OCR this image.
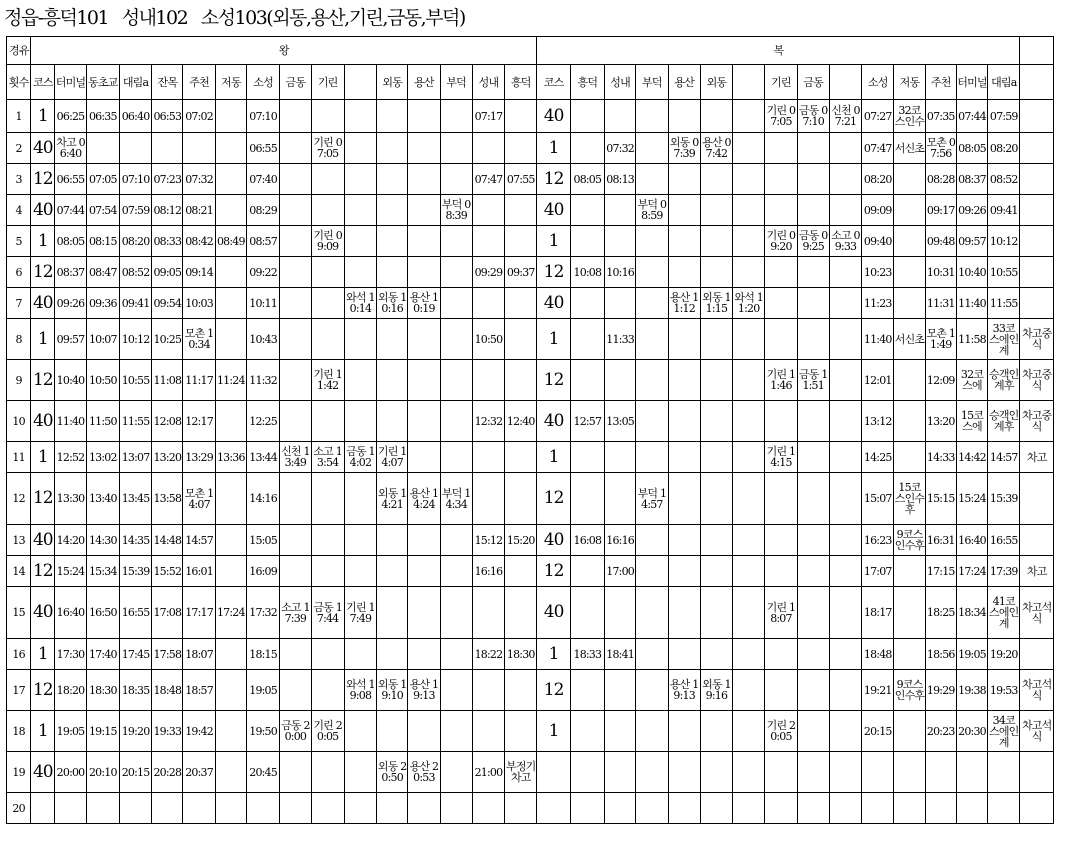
정읍-흥덕101   성내102   소성103(외동,용산,기린,금동,부덕)
경유	왕																복															
횟수	코스	터미널	동초교	대림a	잔목	주천	저동	소성	금동	기린		외동	용산	부덕	성내	흥덕	코스	흥덕	성내	부덕	용산	외동		기린	금동		소성	저동	주천	터미널	대림a	
1	1	06:25	06:35	06:40	06:53	07:02		07:10							07:17		40							기린 07:05	금동 07:10	신천 07:21	07:27	32코스인수	07:35	07:44	07:59	
2	40	차고 06:40						06:55		기린 07:05							1		07:32		외동 07:39	용산 07:42					07:47	서신초	모촌 07:56	08:05	08:20	
3	12	06:55	07:05	07:10	07:23	07:32		07:40							07:47	07:55	12	08:05	08:13								08:20		08:28	08:37	08:52	
4	40	07:44	07:54	07:59	08:12	08:21		08:29						부덕 08:39			40			부덕 08:59							09:09		09:17	09:26	09:41	
5	1	08:05	08:15	08:20	08:33	08:42	08:49	08:57		기린 09:09							1							기린 09:20	금동 09:25	소고 09:33	09:40		09:48	09:57	10:12	
6	12	08:37	08:47	08:52	09:05	09:14		09:22							09:29	09:37	12	10:08	10:16								10:23		10:31	10:40	10:55	
7	40	09:26	09:36	09:41	09:54	10:03		10:11			와석 10:14	외동 10:16	용산 10:19				40				용산 11:12	외동 11:15	와석 11:20				11:23		11:31	11:40	11:55	
8	1	09:57	10:07	10:12	10:25	모촌 10:34		10:43							10:50		1		11:33								11:40	서신초	모촌 11:49	11:58	33코스에인계	차고중식
9	12	10:40	10:50	10:55	11:08	11:17	11:24	11:32		기린 11:42							12							기린 11:46	금동 11:51		12:01		12:09	32코스에	승객인계후	차고중식
10	40	11:40	11:50	11:55	12:08	12:17		12:25							12:32	12:40	40	12:57	13:05								13:12		13:20	15코스에	승객인계후	차고중식
11	1	12:52	13:02	13:07	13:20	13:29	13:36	13:44	신천 13:49	소고 13:54	금동 14:02	기린 14:07					1							기린 14:15			14:25		14:33	14:42	14:57	차고
12	12	13:30	13:40	13:45	13:58	모촌 14:07		14:16				외동 14:21	용산 14:24	부덕 14:34			12			부덕 14:57							15:07	15코스인수후	15:15	15:24	15:39	
13	40	14:20	14:30	14:35	14:48	14:57		15:05							15:12	15:20	40	16:08	16:16								16:23	9코스인수후	16:31	16:40	16:55	
14	12	15:24	15:34	15:39	15:52	16:01		16:09							16:16		12		17:00								17:07		17:15	17:24	17:39	차고
15	40	16:40	16:50	16:55	17:08	17:17	17:24	17:32	소고 17:39	금동 17:44	기린 17:49						40							기린 18:07			18:17		18:25	18:34	41코스에인계	차고석식
16	1	17:30	17:40	17:45	17:58	18:07		18:15							18:22	18:30	1	18:33	18:41								18:48		18:56	19:05	19:20	
17	12	18:20	18:30	18:35	18:48	18:57		19:05			와석 19:08	외동 19:10	용산 19:13				12				용산 19:13	외동 19:16					19:21	9코스인수후	19:29	19:38	19:53	차고석식
18	1	19:05	19:15	19:20	19:33	19:42		19:50	금동 20:00	기린 20:05							1							기린 20:05			20:15		20:23	20:30	34코스에인계	차고석식
19	40	20:00	20:10	20:15	20:28	20:37		20:45				외동 20:50	용산 20:53		21:00	부정기차고																
20																																
